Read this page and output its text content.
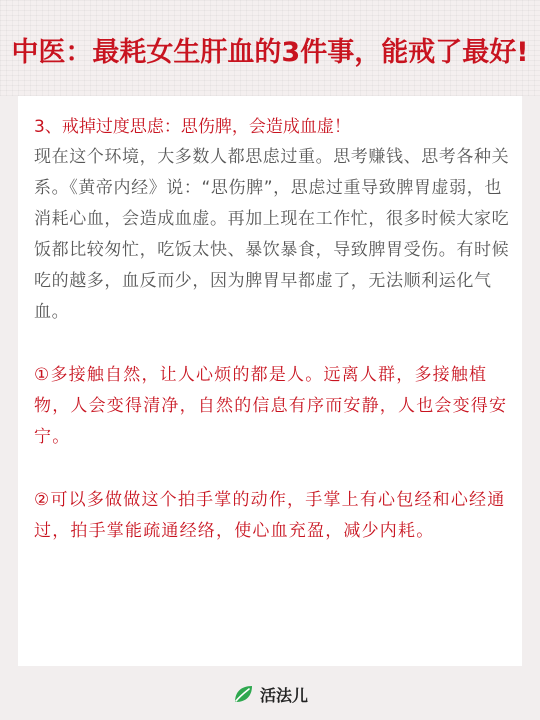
中医：最耗女生肝血的3件事，能戒了最好!

3、戒掉过度思虑：思伤脾，会造成血虚！

现在这个环境，大多数人都思虑过重。思考赚钱、思考各种关系。《黄帝内经》说：“思伤脾”，思虑过重导致脾胃虚弱，也消耗心血，会造成血虚。再加上现在工作忙，很多时候大家吃饭都比较匆忙，吃饭太快、暴饮暴食，导致脾胃受伤。有时候吃的越多，血反而少，因为脾胃早都虚了，无法顺利运化气血。

①多接触自然，让人心烦的都是人。远离人群，多接触植物，人会变得清净，自然的信息有序而安静，人也会变得安宁。

②可以多做做这个拍手掌的动作，手掌上有心包经和心经通过，拍手掌能疏通经络，使心血充盈，减少内耗。

活法儿
